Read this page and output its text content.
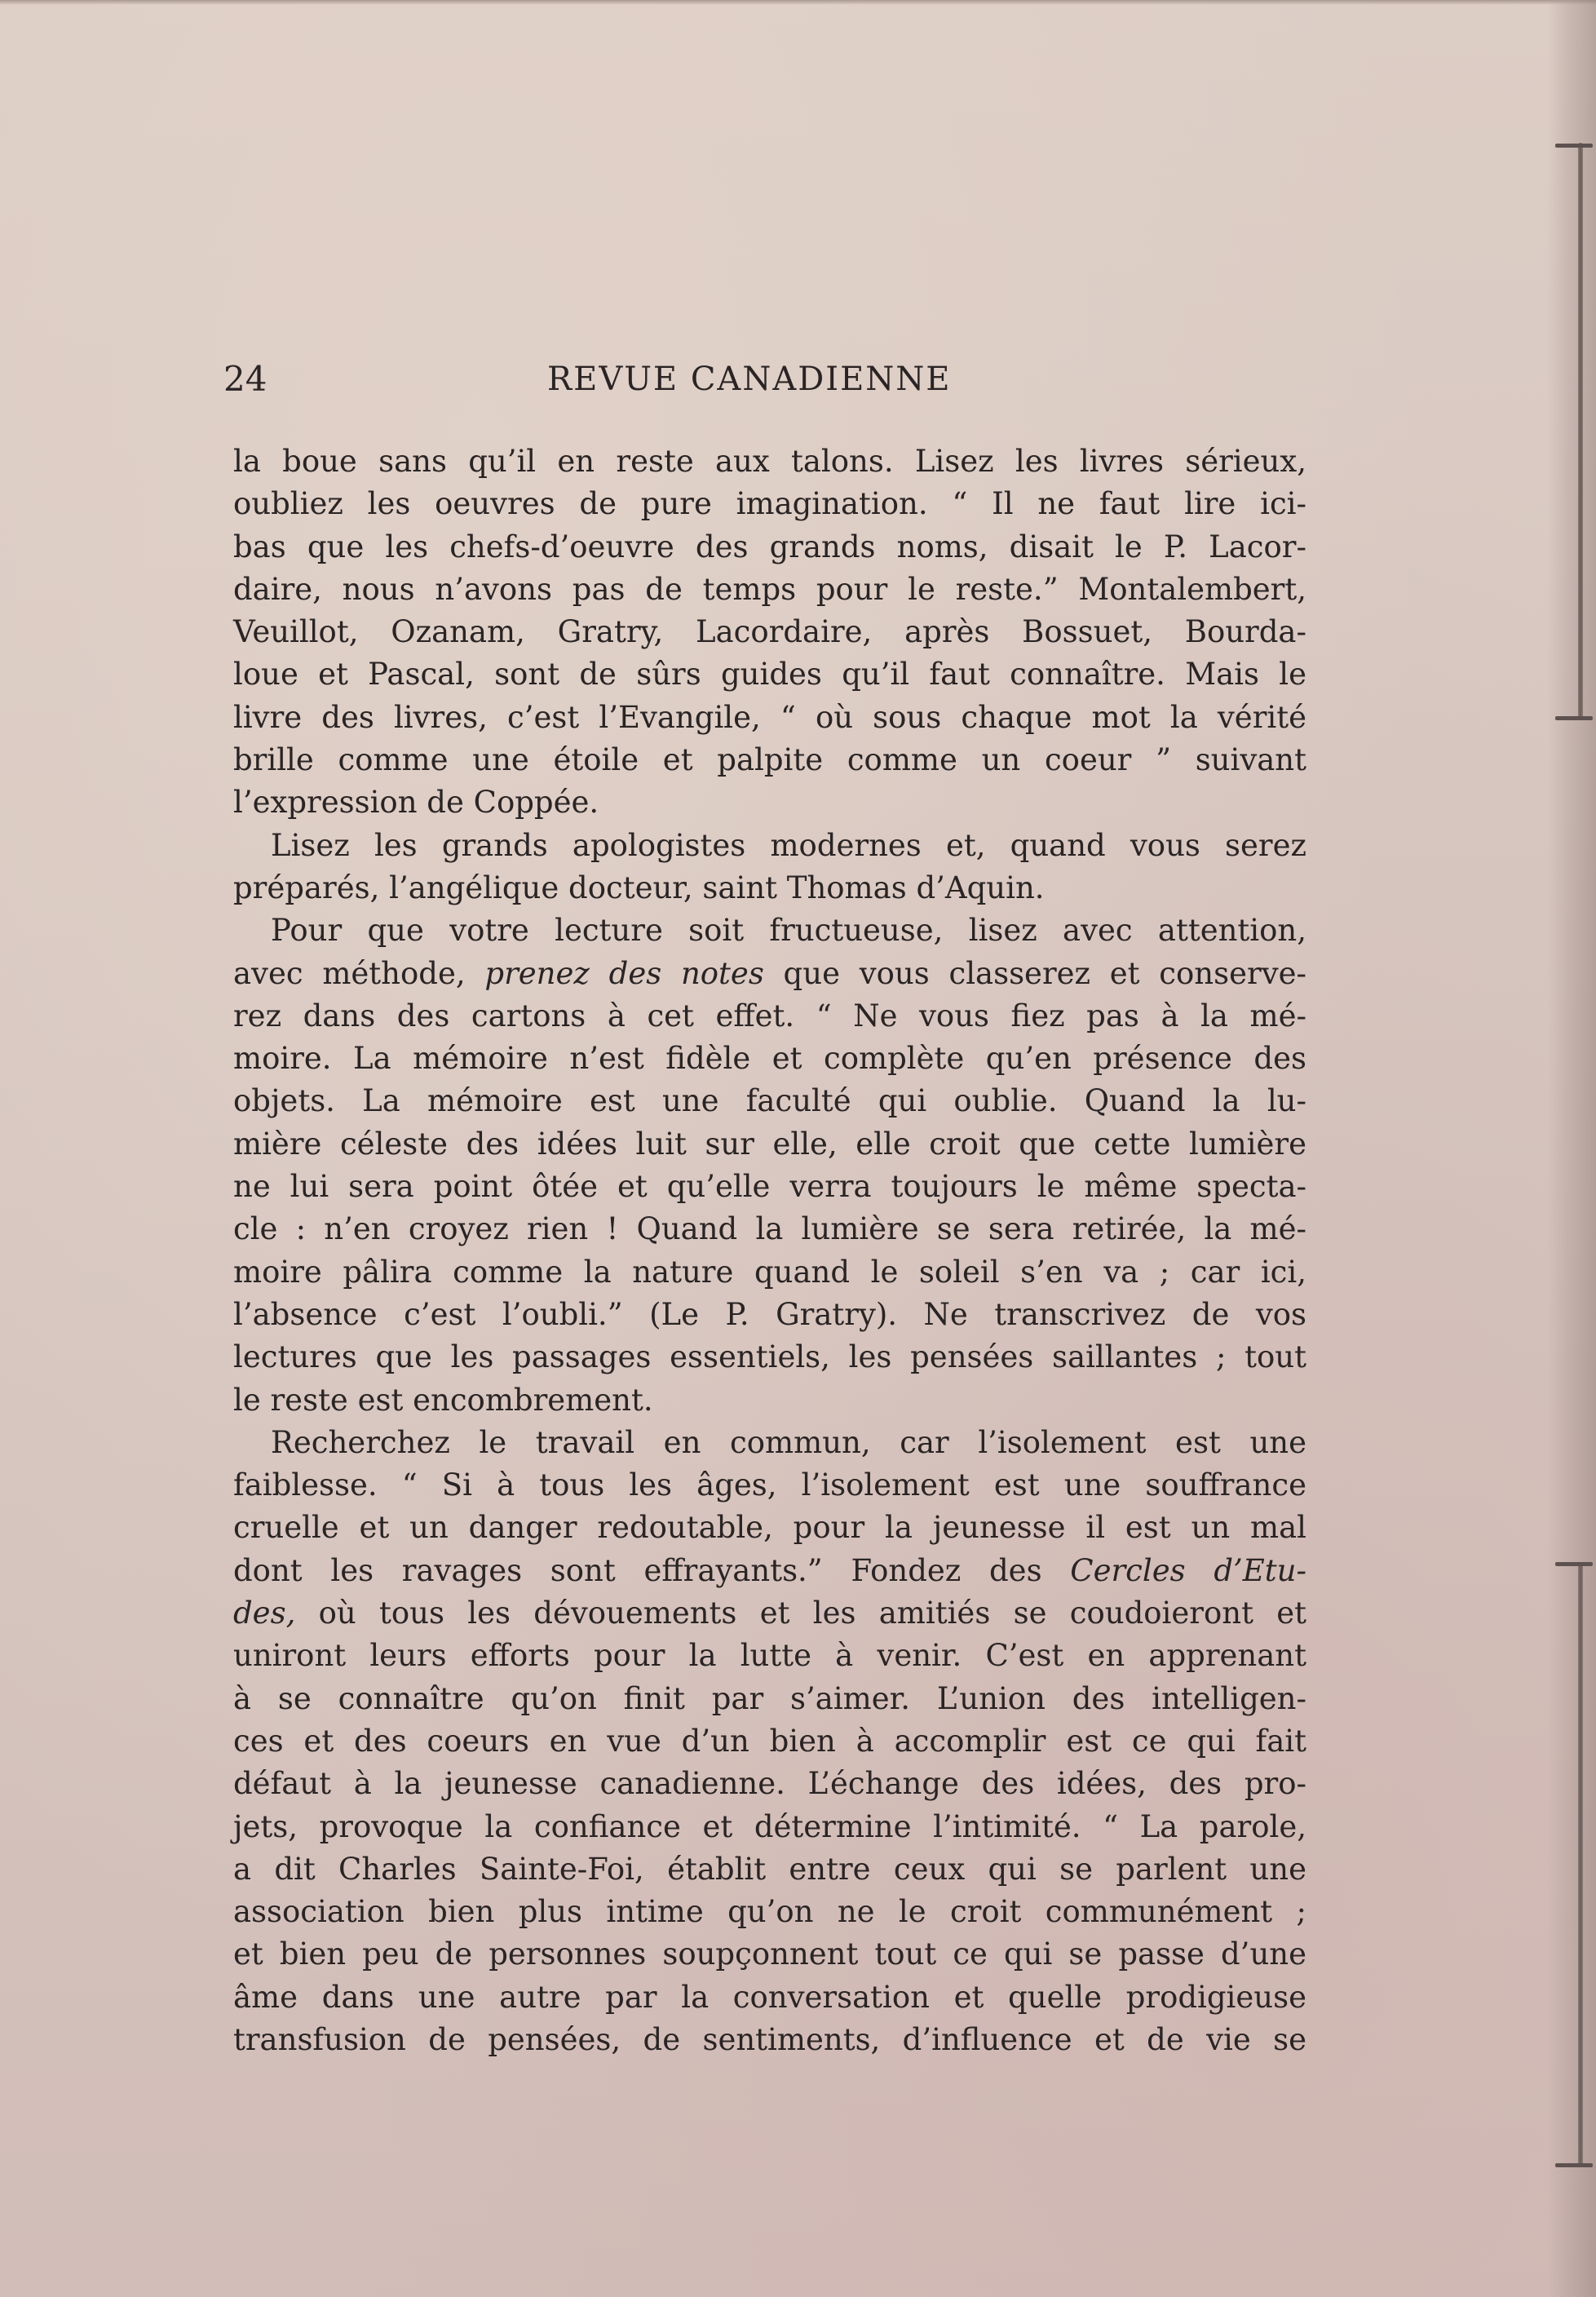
24	REVUE CANADIENNE
la boue sans qu’il en reste aux talons. Lisez les livres sérieux,
oubliez les oeuvres de pure imagination. “ Il ne faut lire ici-
bas que les chefs-d’oeuvre des grands noms, disait le P. Lacor-
daire, nous n’avons pas de temps pour le reste.” Montalembert,
Veuillot, Ozanam, Gratry, Lacordaire, après Bossuet, Bourda-
loue et Pascal, sont de sûrs guides qu’il faut connaître. Mais le
livre des livres, c’est l’Evangile, “ où sous chaque mot la vérité
brille comme une étoile et palpite comme un coeur ” suivant
l’expression de Coppée.
Lisez les grands apologistes modernes et, quand vous serez
préparés, l’angélique docteur, saint Thomas d’Aquin.
Pour que votre lecture soit fructueuse, lisez avec attention,
avec méthode, prenez des notes que vous classerez et conserve-
rez dans des cartons à cet effet. “ Ne vous fiez pas à la mé-
moire. La mémoire n’est fidèle et complète qu’en présence des
objets. La mémoire est une faculté qui oublie. Quand la lu-
mière céleste des idées luit sur elle, elle croit que cette lumière
ne lui sera point ôtée et qu’elle verra toujours le même specta-
cle : n’en croyez rien ! Quand la lumière se sera retirée, la mé-
moire pâlira comme la nature quand le soleil s’en va ; car ici,
l’absence c’est l’oubli.” (Le P. Gratry). Ne transcrivez de vos
lectures que les passages essentiels, les pensées saillantes ; tout
le reste est encombrement.
Recherchez le travail en commun, car l’isolement est une
faiblesse. “ Si à tous les âges, l’isolement est une souffrance
cruelle et un danger redoutable, pour la jeunesse il est un mal
dont les ravages sont effrayants.” Fondez des Cercles d’Etu-
des, où tous les dévouements et les amitiés se coudoieront et
uniront leurs efforts pour la lutte à venir. C’est en apprenant
à se connaître qu’on finit par s’aimer. L’union des intelligen-
ces et des coeurs en vue d’un bien à accomplir est ce qui fait
défaut à la jeunesse canadienne. L’échange des idées, des pro-
jets, provoque la confiance et détermine l’intimité. “ La parole,
a dit Charles Sainte-Foi, établit entre ceux qui se parlent une
association bien plus intime qu’on ne le croit communément ;
et bien peu de personnes soupçonnent tout ce qui se passe d’une
âme dans une autre par la conversation et quelle prodigieuse
transfusion de pensées, de sentiments, d’influence et de vie se
